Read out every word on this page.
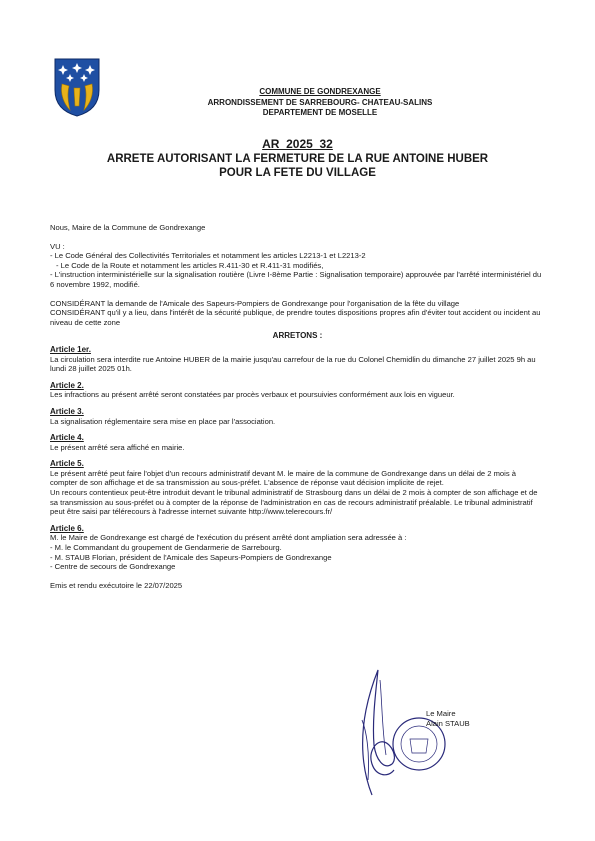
COMMUNE DE GONDREXANGE
ARRONDISSEMENT DE SARREBOURG- CHATEAU-SALINS
DEPARTEMENT DE MOSELLE
AR_2025_32
ARRETE AUTORISANT LA FERMETURE DE LA RUE ANTOINE HUBER
POUR LA FETE DU VILLAGE

Nous, Maire de la Commune de Gondrexange

VU :

- Le Code Général des Collectivités Territoriales et notamment les articles L2213-1 et L2213-2

- Le Code de la Route et notamment les articles R.411-30 et R.411-31 modifiés,

- L'instruction interministérielle sur la signalisation routière (Livre I-8ème Partie : Signalisation temporaire) approuvée par l'arrêté interministériel du 6 novembre 1992, modifié.

CONSIDÉRANT la demande de l'Amicale des Sapeurs-Pompiers de Gondrexange pour l'organisation de la fête du village

CONSIDÉRANT qu'il y a lieu, dans l'intérêt de la sécurité publique, de prendre toutes dispositions propres afin d'éviter tout accident ou incident au niveau de cette zone

ARRETONS :
Article 1er.

La circulation sera interdite rue Antoine HUBER de la mairie jusqu'au carrefour de la rue du Colonel Chemidlin du dimanche 27 juillet 2025 9h au lundi 28 juillet 2025 01h.

Article 2.

Les infractions au présent arrêté seront constatées par procès verbaux et poursuivies conformément aux lois en vigueur.

Article 3.

La signalisation réglementaire sera mise en place par l'association.

Article 4.

Le présent arrêté sera affiché en mairie.

Article 5.

Le présent arrêté peut faire l'objet d'un recours administratif devant M. le maire de la commune de Gondrexange dans un délai de 2 mois à compter de son affichage et de sa transmission au sous-préfet. L'absence de réponse vaut décision implicite de rejet.

Un recours contentieux peut-être introduit devant le tribunal administratif de Strasbourg dans un délai de 2 mois à compter de son affichage et de sa transmission au sous-préfet ou à compter de la réponse de l'administration en cas de recours administratif préalable. Le tribunal administratif peut être saisi par télérecours à l'adresse internet suivante http://www.telerecours.fr/

Article 6.

M. le Maire de Gondrexange est chargé de l'exécution du présent arrêté dont ampliation sera adressée à :

- M. le Commandant du groupement de Gendarmerie de Sarrebourg.

- M. STAUB Florian, président de l'Amicale des Sapeurs-Pompiers de Gondrexange

- Centre de secours de Gondrexange

Emis et rendu exécutoire le 22/07/2025

Le Maire
Alain STAUB
